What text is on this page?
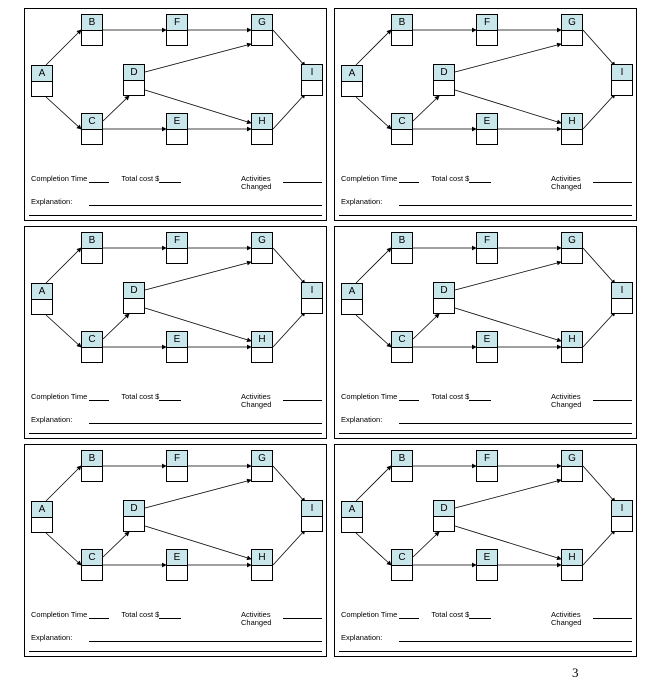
A
B
C
D
E
F	G
H
I
Completion Time	Total cost $	Activities
Changed
Explanation:
A
B
C
D
E
F	G
H
I
Completion Time	Total cost $	Activities
Changed
Explanation:
A
B
C
D
E
F	G
H
I
Completion Time	Total cost $	Activities
Changed
Explanation:
A
B
C
D
E
F	G
H
I
Completion Time	Total cost $	Activities
Changed
Explanation:
A
B
C
D
E
F	G
H
I
Completion Time	Total cost $	Activities
Changed
Explanation:
A
B
C
D
E
F	G
H
I
Completion Time	Total cost $	Activities
Changed
Explanation:
3
